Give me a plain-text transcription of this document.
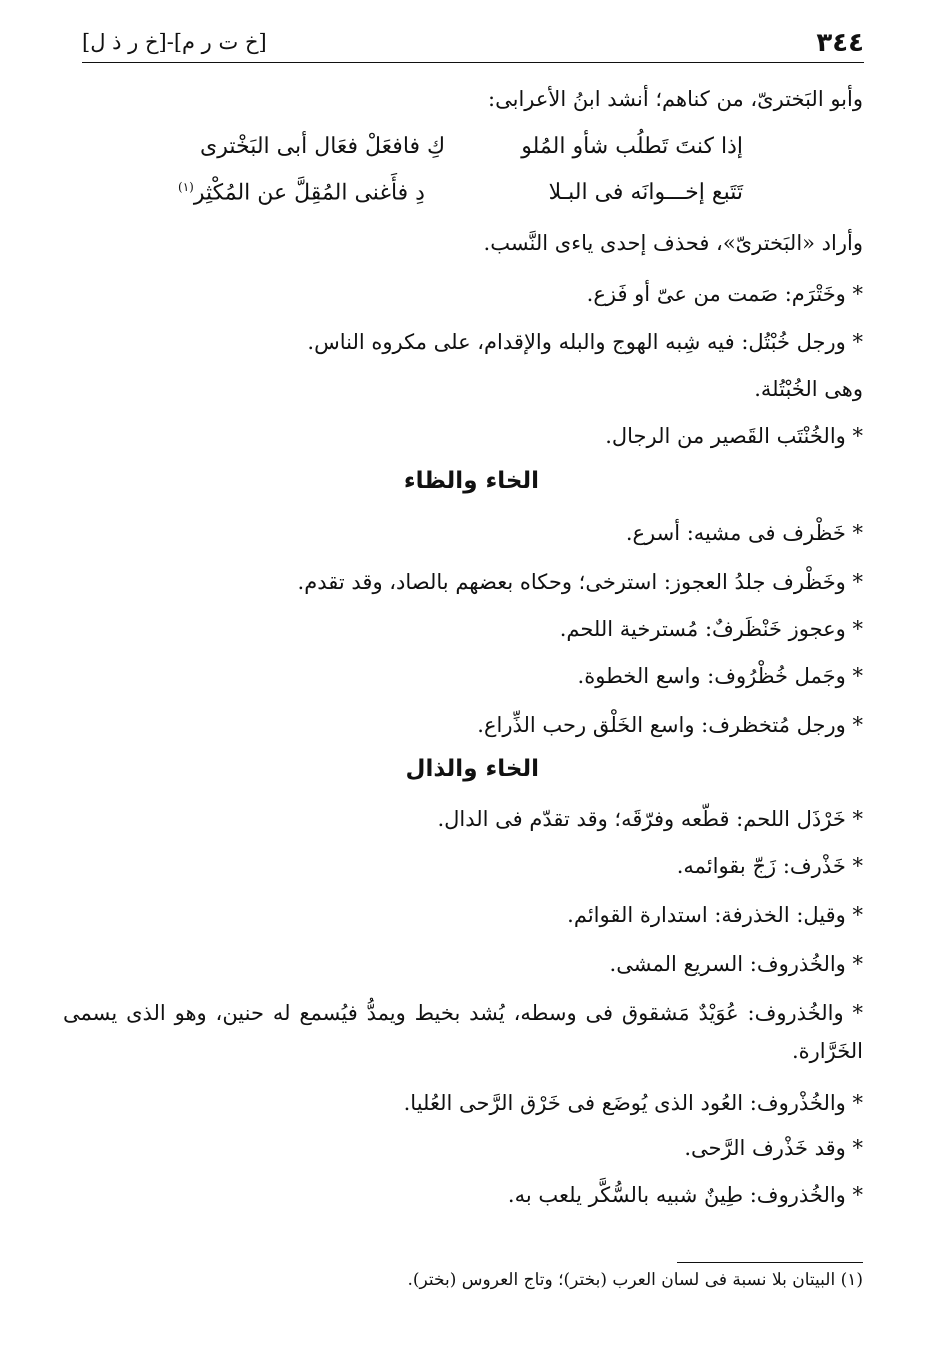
٣٤٤
[خ ت ر م]-[خ ر ذ ل]
وأبو البَخترىّ، من كناهم؛ أنشد ابنُ الأعرابى:
إذا كنتَ تَطلُب شأو المُلو
كِ فافعَلْ فعَال أبى البَخْترى
تَتَبع إخـــوانَه فى البـلا
دِ فأَغنى المُقِلَّ عن المُكْثِر$^{(١)}$
وأراد «البَخترىّ»، فحذف إحدى ياءى النَّسب.
* وخَتْرَم: صَمت من عىّ أو فَزع.
* ورجل خُبْتُل: فيه شِبه الهوج والبله والإقدام، على مكروه الناس.
وهى الخُبْتُلة.
* والخُنْتَب القَصير من الرجال.
الخاء والظاء
* خَظْرف فى مشيه: أسرع.
* وخَظْرف جلدُ العجوز: استرخى؛ وحكاه بعضهم بالصاد، وقد تقدم.
* وعجوز خَنْظَرفٌ: مُسترخية اللحم.
* وجَمل خُظْرُوف: واسع الخطوة.
* ورجل مُتخظرف: واسع الخَلْق رحب الذِّراع.
الخاء والذال
* خَرْذَل اللحم: قطّعه وفرّقَه؛ وقد تقدّم فى الدال.
* خَذْرف: زَجّ بقوائمه.
* وقيل: الخذرفة: استدارة القوائم.
* والخُذروف: السريع المشى.
* والخُذروف: عُوَيْدٌ مَشقوق فى وسطه، يُشد بخيط ويمدُّ فيُسمع له حنين، وهو الذى يسمى الخَرَّارة.
* والخُذْروف: العُود الذى يُوضَع فى خَرْق الرَّحى العُليا.
* وقد خَذْرف الرَّحى.
* والخُذروف: طِينٌ شبيه بالسُّكَّر يلعب به.
(١) البيتان بلا نسبة فى لسان العرب (بختر)؛ وتاج العروس (بختر).
